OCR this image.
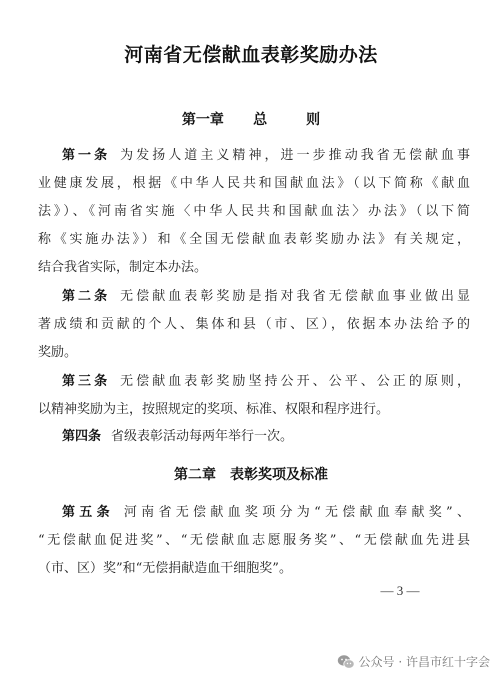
河南省无偿献血表彰奖励办法
第一章 总	则
第一条 为发扬人道主义精神，进一步推动我省无偿献血事
业健康发展，根据《中华人民共和国献血法》（以下简称《献血
法》）、《河南省实施〈中华人民共和国献血法〉办法》（以下简
称《实施办法》）和《全国无偿献血表彰奖励办法》有关规定，
结合我省实际，制定本办法。
第二条 无偿献血表彰奖励是指对我省无偿献血事业做出显
著成绩和贡献的个人、集体和县（市、区），依据本办法给予的
奖励。
第三条 无偿献血表彰奖励坚持公开、公平、公正的原则，
以精神奖励为主，按照规定的奖项、标准、权限和程序进行。
第四条 省级表彰活动每两年举行一次。
第二章　表彰奖项及标准
第五条 河南省无偿献血奖项分为“无偿献血奉献奖”、
“无偿献血促进奖”、“无偿献血志愿服务奖”、“无偿献血先进县
（市、区）奖”和“无偿捐献造血干细胞奖”。
— 3 —
公众号 · 许昌市红十字会
